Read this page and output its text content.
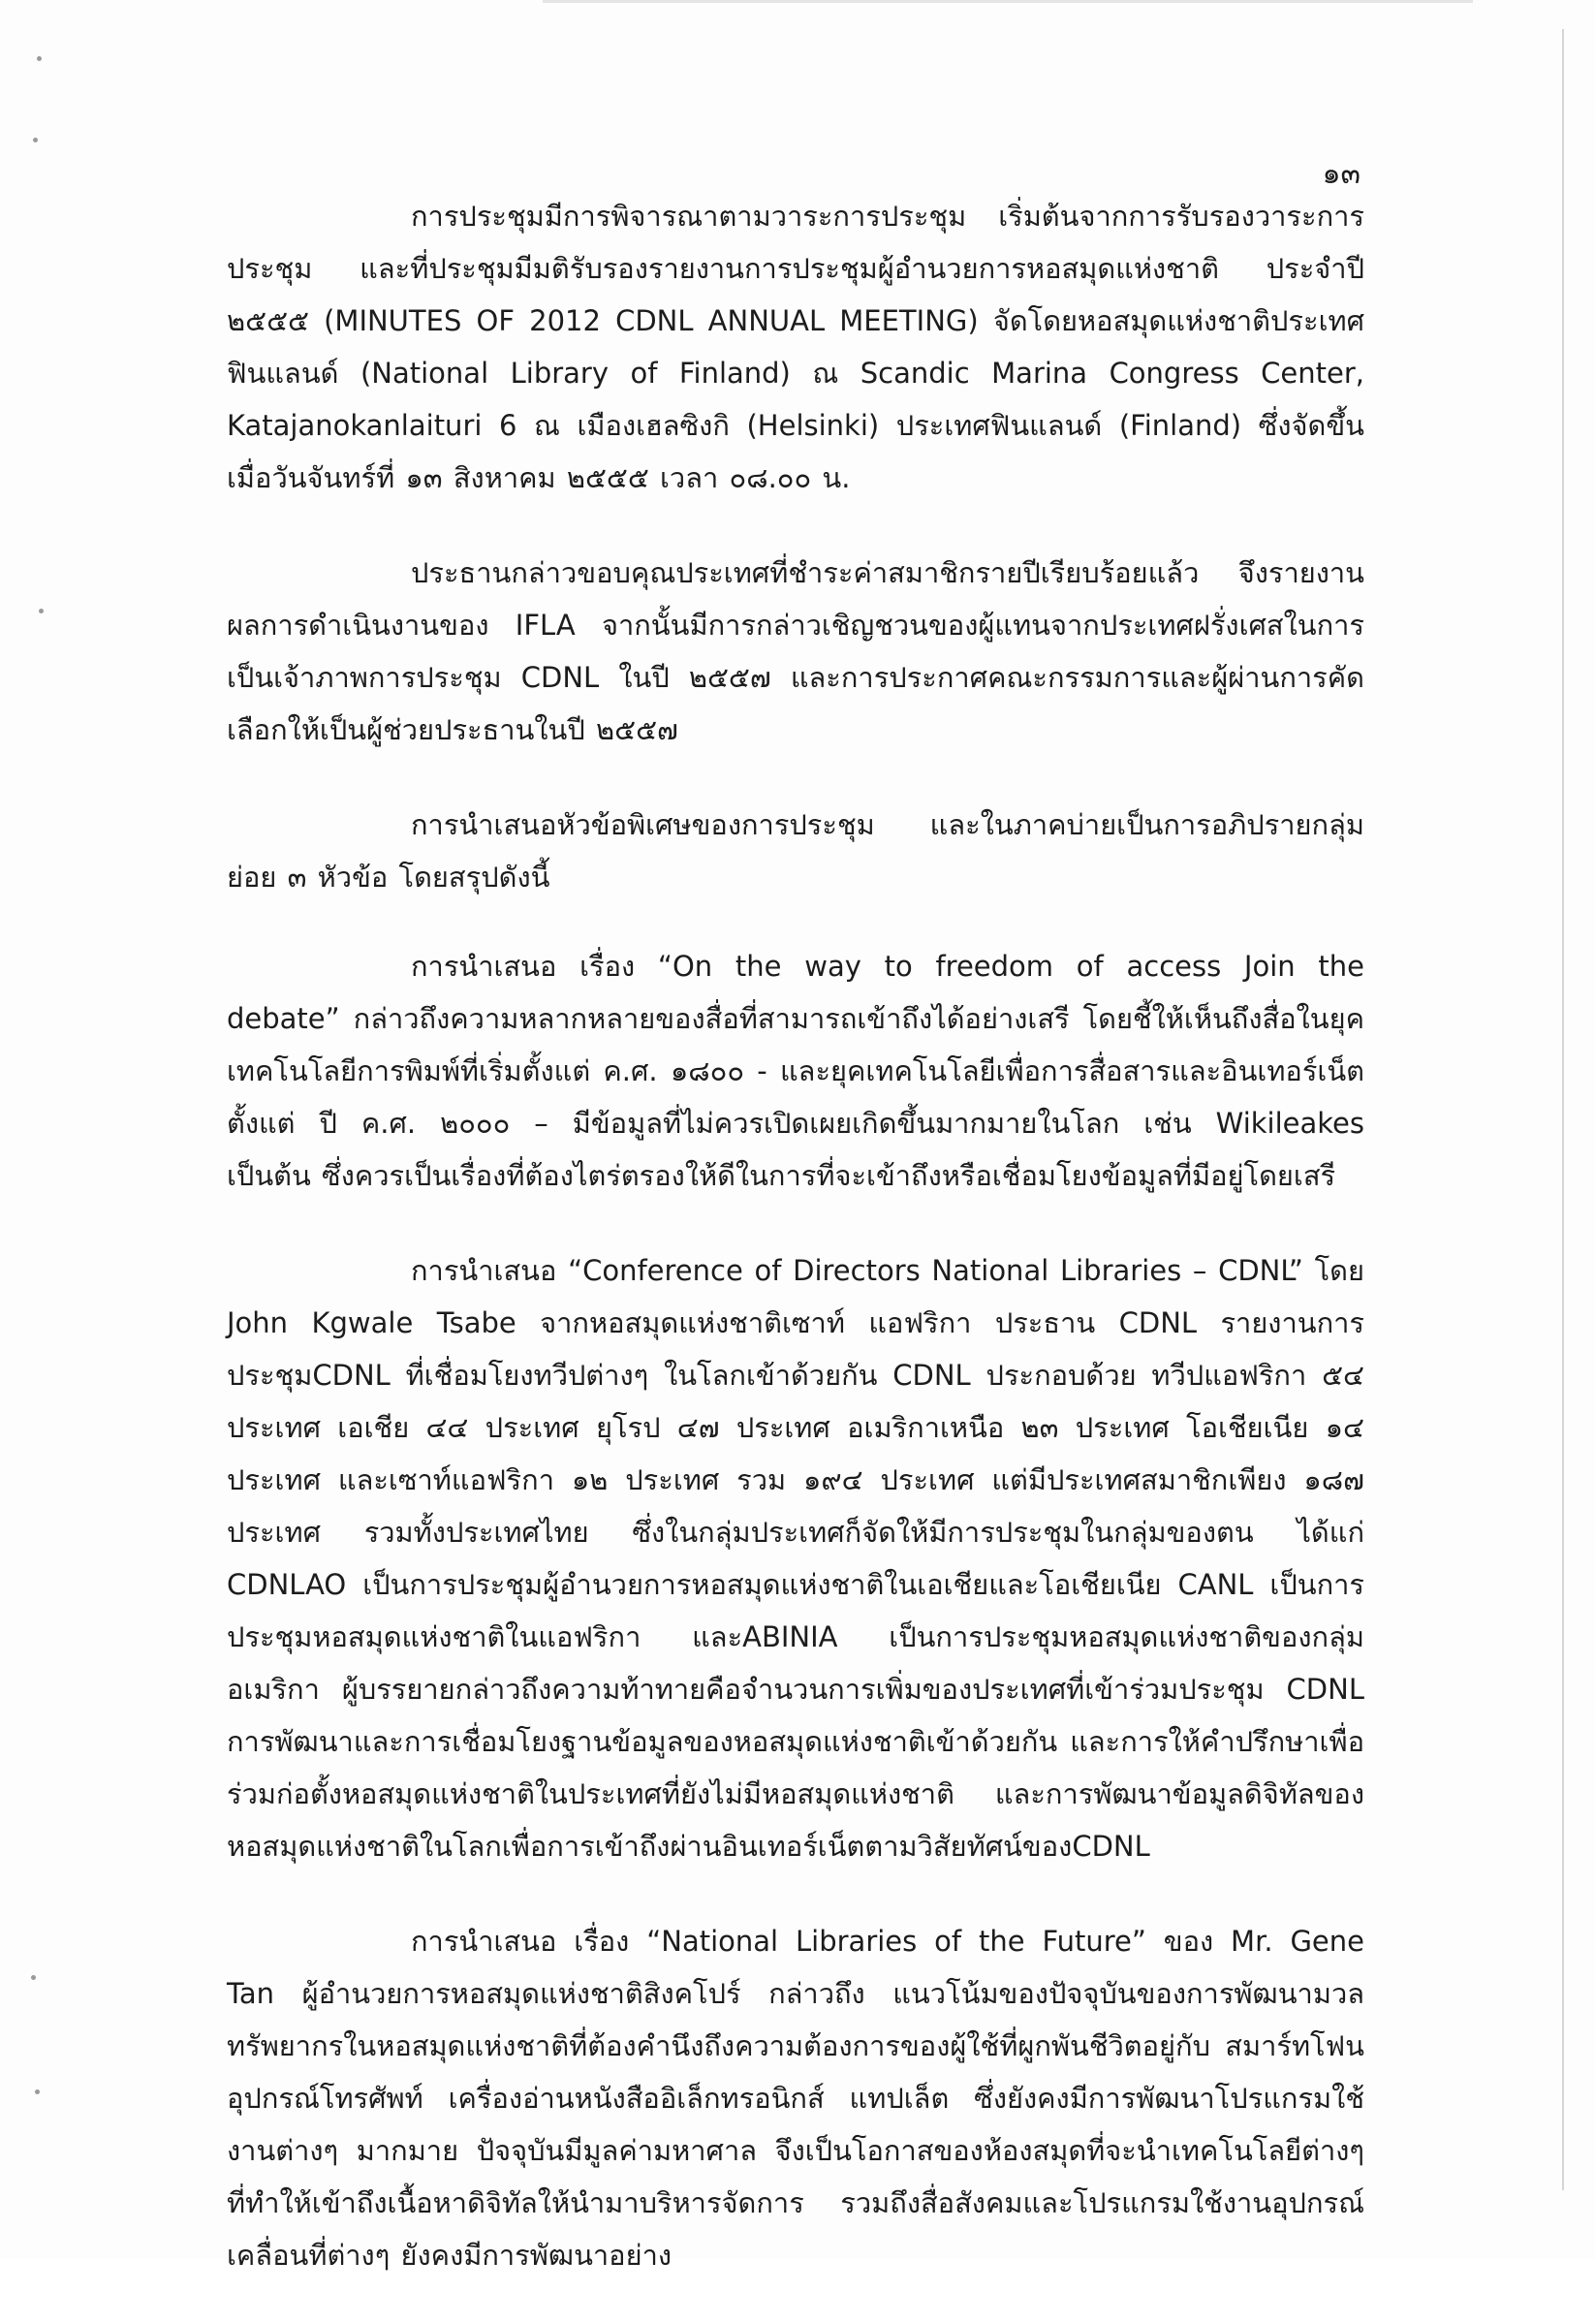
๑๓

การประชุมมีการพิจารณาตามวาระการประชุม เริ่มต้นจากการรับรองวาระการประชุม และที่ประชุมมีมติรับรองรายงานการประชุมผู้อำนวยการหอสมุดแห่งชาติ ประจำปี ๒๕๕๕ (MINUTES OF 2012 CDNL ANNUAL MEETING) จัดโดยหอสมุดแห่งชาติประเทศฟินแลนด์ (National Library of Finland) ณ Scandic Marina Congress Center, Katajanokanlaituri 6 ณ เมืองเฮลซิงกิ (Helsinki) ประเทศฟินแลนด์ (Finland) ซึ่งจัดขึ้นเมื่อวันจันทร์ที่ ๑๓ สิงหาคม ๒๕๕๕ เวลา ๐๘.๐๐ น.

ประธานกล่าวขอบคุณประเทศที่ชำระค่าสมาชิกรายปีเรียบร้อยแล้ว จึงรายงานผลการดำเนินงานของ IFLA จากนั้นมีการกล่าวเชิญชวนของผู้แทนจากประเทศฝรั่งเศสในการเป็นเจ้าภาพการประชุม CDNL ในปี ๒๕๕๗ และการประกาศคณะกรรมการและผู้ผ่านการคัดเลือกให้เป็นผู้ช่วยประธานในปี ๒๕๕๗

การนำเสนอหัวข้อพิเศษของการประชุม และในภาคบ่ายเป็นการอภิปรายกลุ่มย่อย ๓ หัวข้อ โดยสรุปดังนี้

การนำเสนอ เรื่อง “On the way to freedom of access Join the debate” กล่าวถึงความหลากหลายของสื่อที่สามารถเข้าถึงได้อย่างเสรี โดยชี้ให้เห็นถึงสื่อในยุคเทคโนโลยีการพิมพ์ที่เริ่มตั้งแต่ ค.ศ. ๑๘๐๐ - และยุคเทคโนโลยีเพื่อการสื่อสารและอินเทอร์เน็ต ตั้งแต่ ปี ค.ศ. ๒๐๐๐ – มีข้อมูลที่ไม่ควรเปิดเผยเกิดขึ้นมากมายในโลก เช่น Wikileakes เป็นต้น ซึ่งควรเป็นเรื่องที่ต้องไตร่ตรองให้ดีในการที่จะเข้าถึงหรือเชื่อมโยงข้อมูลที่มีอยู่โดยเสรี

การนำเสนอ “Conference of Directors National Libraries – CDNL” โดย John Kgwale Tsabe จากหอสมุดแห่งชาติเซาท์ แอฟริกา ประธาน CDNL รายงานการประชุมCDNL ที่เชื่อมโยงทวีปต่างๆ ในโลกเข้าด้วยกัน CDNL ประกอบด้วย ทวีปแอฟริกา ๕๔ ประเทศ เอเชีย ๔๔ ประเทศ ยุโรป ๔๗ ประเทศ อเมริกาเหนือ ๒๓ ประเทศ โอเชียเนีย ๑๔ ประเทศ และเซาท์แอฟริกา ๑๒ ประเทศ รวม ๑๙๔ ประเทศ แต่มีประเทศสมาชิกเพียง ๑๘๗ ประเทศ รวมทั้งประเทศไทย ซึ่งในกลุ่มประเทศก็จัดให้มีการประชุมในกลุ่มของตน ได้แก่ CDNLAO เป็นการประชุมผู้อำนวยการหอสมุดแห่งชาติในเอเชียและโอเชียเนีย CANL เป็นการประชุมหอสมุดแห่งชาติในแอฟริกา และABINIA เป็นการประชุมหอสมุดแห่งชาติของกลุ่มอเมริกา ผู้บรรยายกล่าวถึงความท้าทายคือจำนวนการเพิ่มของประเทศที่เข้าร่วมประชุม CDNL การพัฒนาและการเชื่อมโยงฐานข้อมูลของหอสมุดแห่งชาติเข้าด้วยกัน และการให้คำปรึกษาเพื่อร่วมก่อตั้งหอสมุดแห่งชาติในประเทศที่ยังไม่มีหอสมุดแห่งชาติ และการพัฒนาข้อมูลดิจิทัลของหอสมุดแห่งชาติในโลกเพื่อการเข้าถึงผ่านอินเทอร์เน็ตตามวิสัยทัศน์ของCDNL

การนำเสนอ เรื่อง “National Libraries of the Future” ของ Mr. Gene Tan ผู้อำนวยการหอสมุดแห่งชาติสิงคโปร์ กล่าวถึง แนวโน้มของปัจจุบันของการพัฒนามวลทรัพยากรในหอสมุดแห่งชาติที่ต้องคำนึงถึงความต้องการของผู้ใช้ที่ผูกพันชีวิตอยู่กับ สมาร์ทโฟน อุปกรณ์โทรศัพท์ เครื่องอ่านหนังสืออิเล็กทรอนิกส์ แทปเล็ต ซึ่งยังคงมีการพัฒนาโปรแกรมใช้งานต่างๆ มากมาย ปัจจุบันมีมูลค่ามหาศาล จึงเป็นโอกาสของห้องสมุดที่จะนำเทคโนโลยีต่างๆ ที่ทำให้เข้าถึงเนื้อหาดิจิทัลให้นำมาบริหารจัดการ รวมถึงสื่อสังคมและโปรแกรมใช้งานอุปกรณ์เคลื่อนที่ต่างๆ ยังคงมีการพัฒนาอย่าง
